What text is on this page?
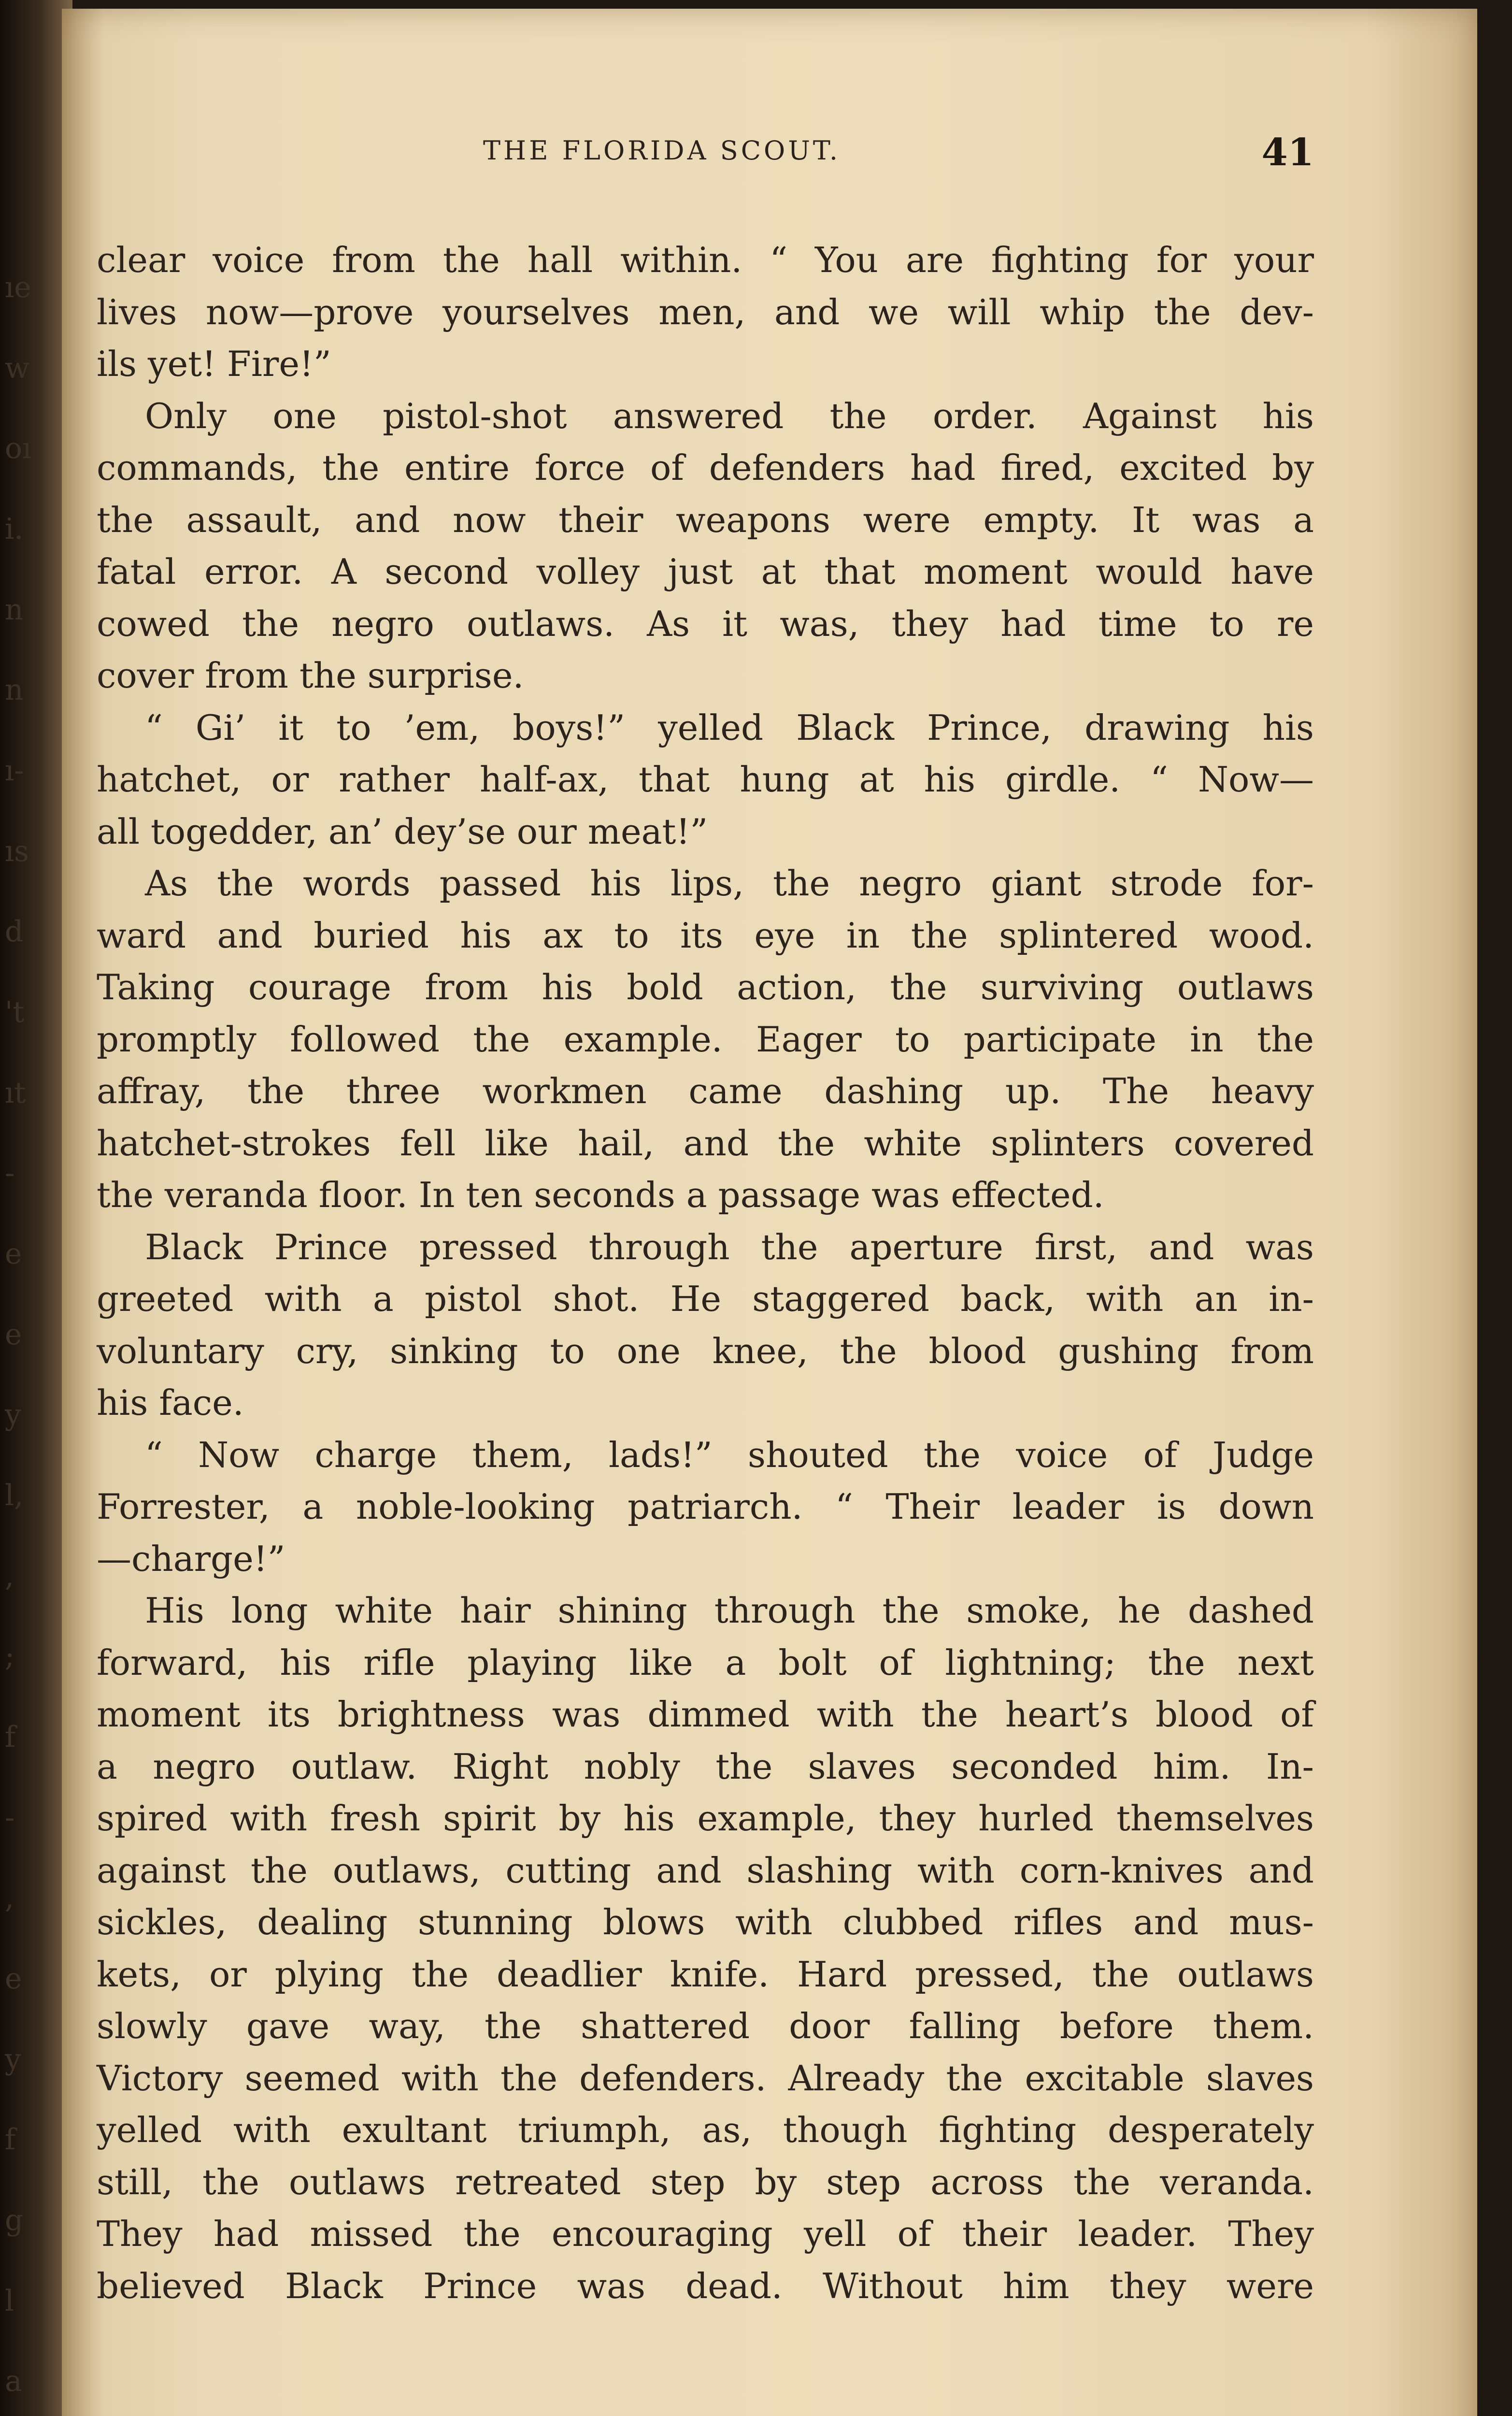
ıe
w
oı
i.
n
n
ı-
ıs
d
't
ıt
-
e
e
y
l,
,
;
f
-
,
e
y
f
g
l
a
THE FLORIDA SCOUT.	41
clear voice from the hall within. “ You are fighting for your
lives now—prove yourselves men, and we will whip the dev-
ils yet! Fire!”
Only one pistol-shot answered the order. Against his
commands, the entire force of defenders had fired, excited by
the assault, and now their weapons were empty. It was a
fatal error. A second volley just at that moment would have
cowed the negro outlaws. As it was, they had time to re
cover from the surprise.
“ Gi’ it to ’em, boys!” yelled Black Prince, drawing his
hatchet, or rather half-ax, that hung at his girdle. “ Now—
all togedder, an’ dey’se our meat!”
As the words passed his lips, the negro giant strode for-
ward and buried his ax to its eye in the splintered wood.
Taking courage from his bold action, the surviving outlaws
promptly followed the example. Eager to participate in the
affray, the three workmen came dashing up. The heavy
hatchet-strokes fell like hail, and the white splinters covered
the veranda floor. In ten seconds a passage was effected.
Black Prince pressed through the aperture first, and was
greeted with a pistol shot. He staggered back, with an in-
voluntary cry, sinking to one knee, the blood gushing from
his face.
“ Now charge them, lads!” shouted the voice of Judge
Forrester, a noble-looking patriarch. “ Their leader is down
—charge!”
His long white hair shining through the smoke, he dashed
forward, his rifle playing like a bolt of lightning; the next
moment its brightness was dimmed with the heart’s blood of
a negro outlaw. Right nobly the slaves seconded him. In-
spired with fresh spirit by his example, they hurled themselves
against the outlaws, cutting and slashing with corn-knives and
sickles, dealing stunning blows with clubbed rifles and mus-
kets, or plying the deadlier knife. Hard pressed, the outlaws
slowly gave way, the shattered door falling before them.
Victory seemed with the defenders. Already the excitable slaves
yelled with exultant triumph, as, though fighting desperately
still, the outlaws retreated step by step across the veranda.
They had missed the encouraging yell of their leader. They
believed Black Prince was dead. Without him they were
